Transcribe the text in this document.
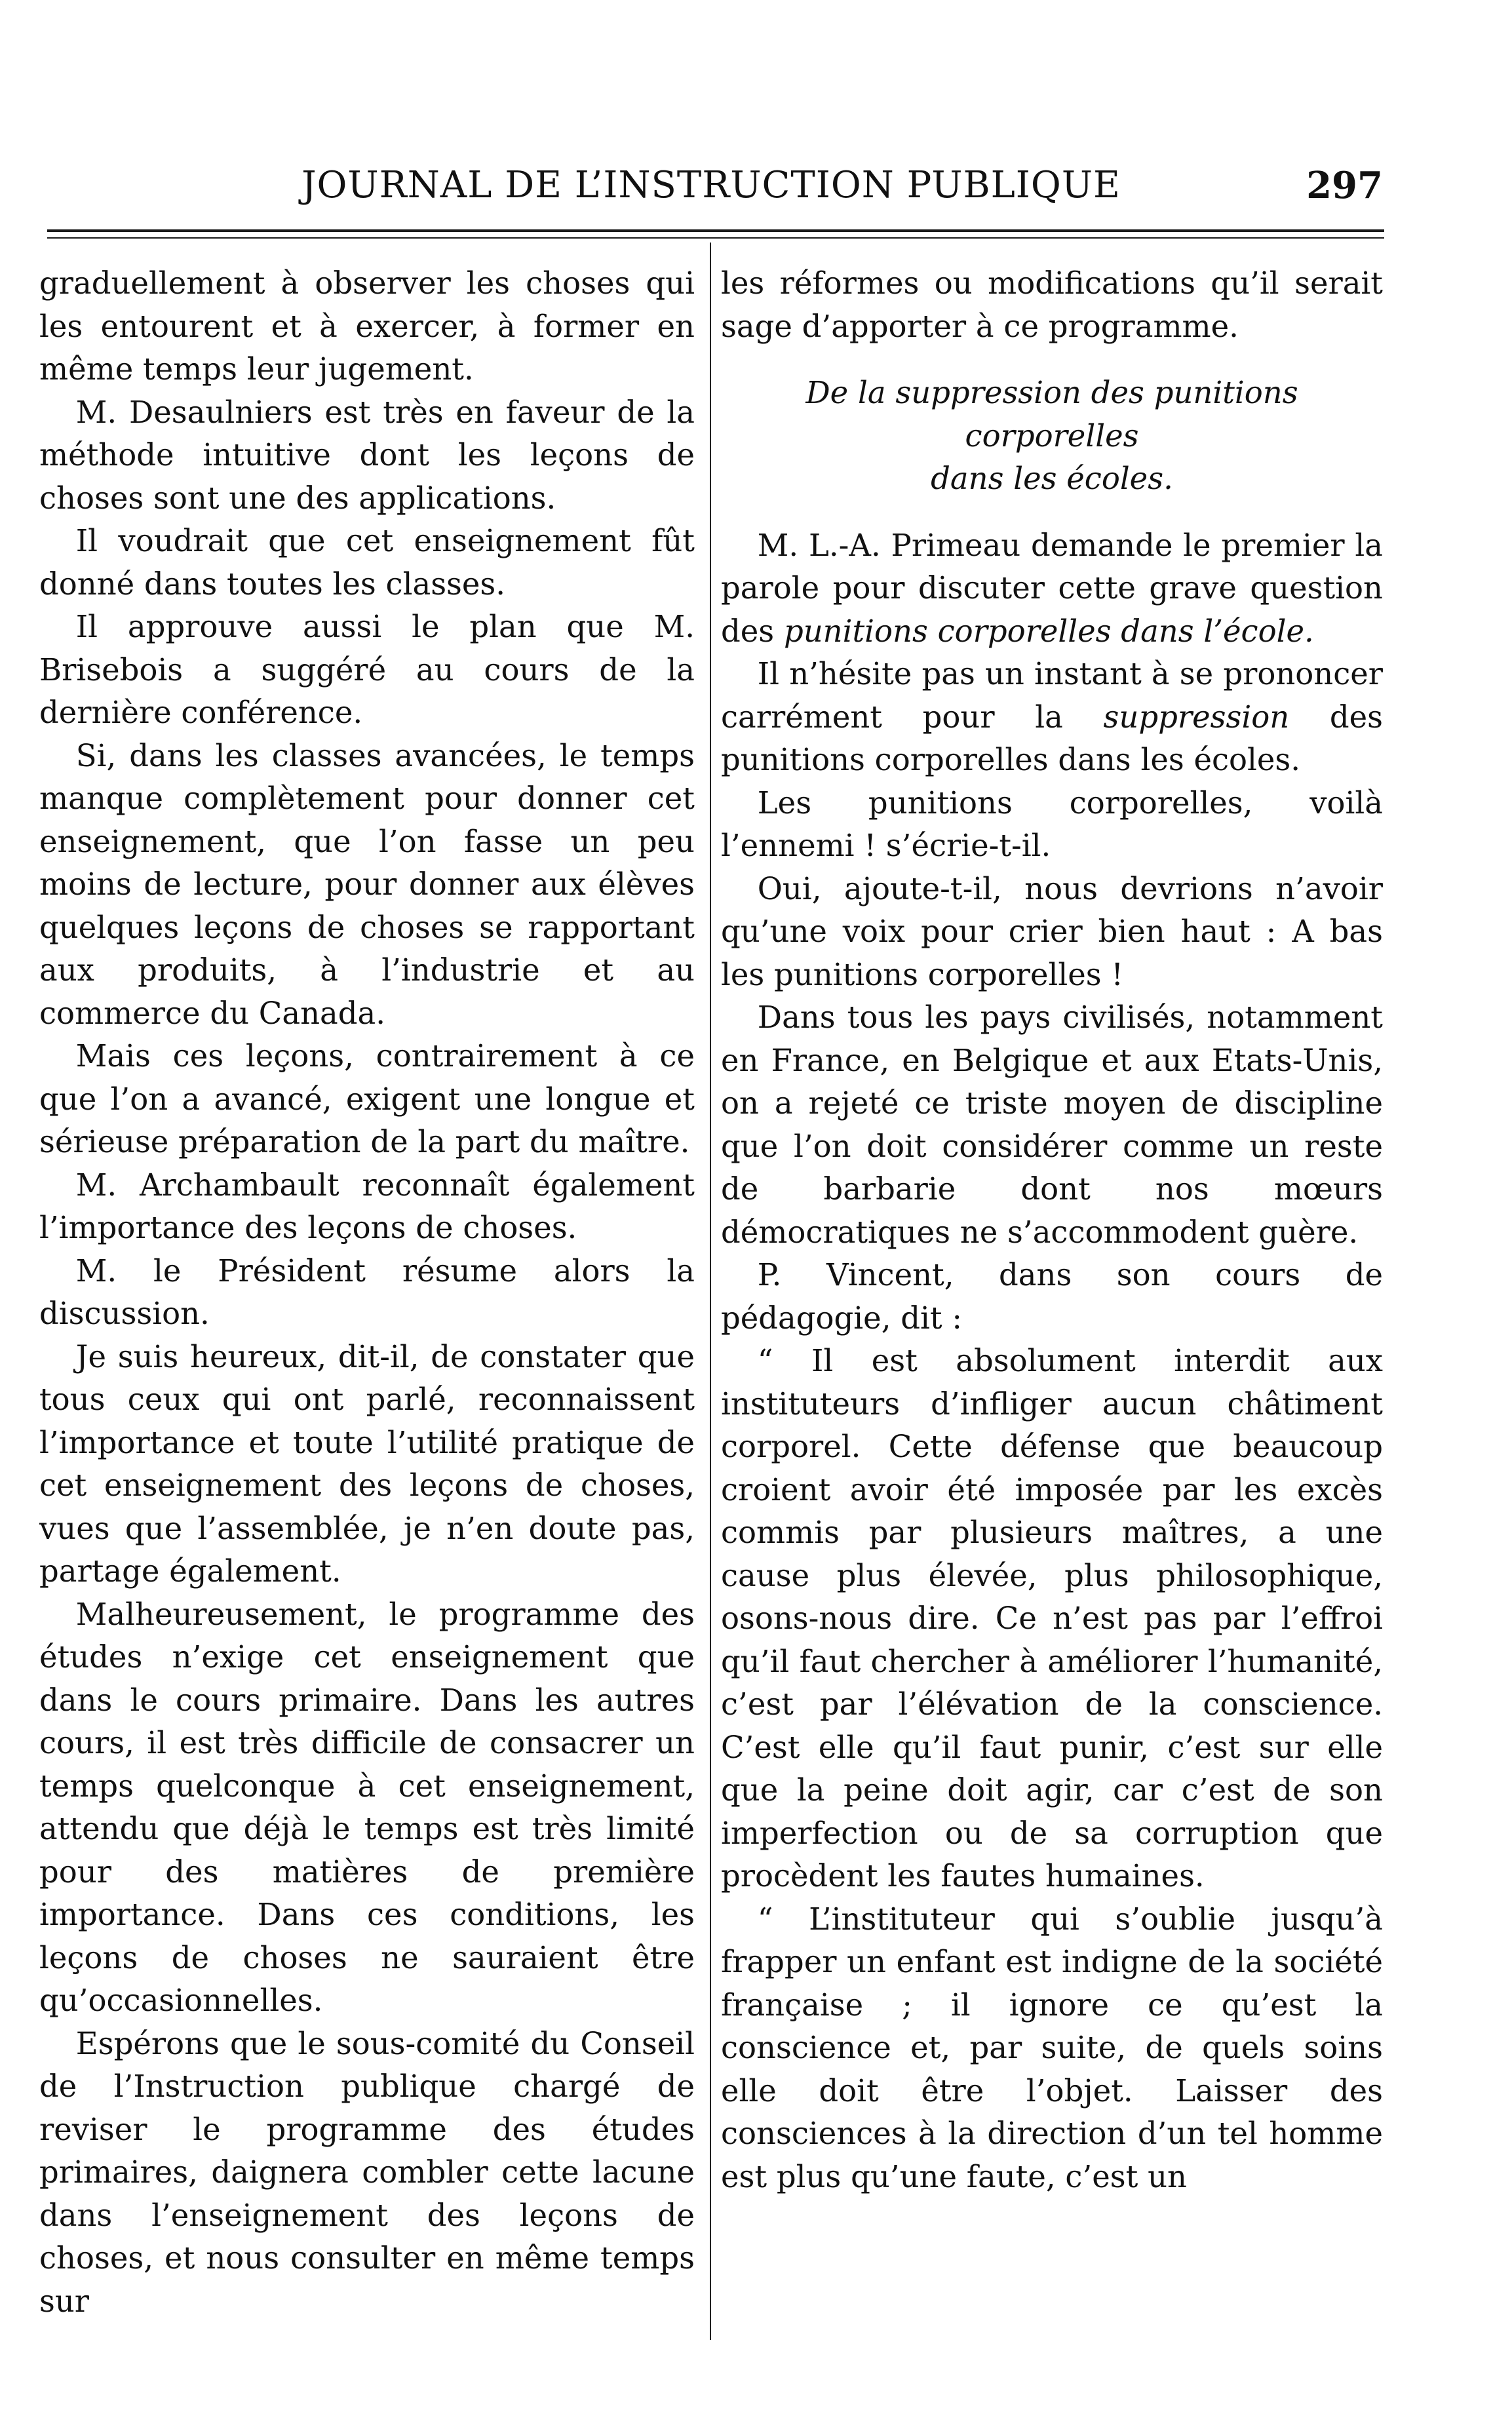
JOURNAL DE L’INSTRUCTION PUBLIQUE	297

graduellement à observer les choses qui les entourent et à exercer, à former en même temps leur jugement.

M. Desaulniers est très en faveur de la méthode intuitive dont les leçons de choses sont une des applications.

Il voudrait que cet enseignement fût donné dans toutes les classes.

Il approuve aussi le plan que M. Brisebois a suggéré au cours de la dernière conférence.

Si, dans les classes avancées, le temps manque complètement pour donner cet enseignement, que l’on fasse un peu moins de lecture, pour donner aux élèves quelques leçons de choses se rapportant aux produits, à l’industrie et au commerce du Canada.

Mais ces leçons, contrairement à ce que l’on a avancé, exigent une longue et sérieuse préparation de la part du maître.

M. Archambault reconnaît également l’importance des leçons de choses.

M. le Président résume alors la discussion.

Je suis heureux, dit-il, de constater que tous ceux qui ont parlé, reconnaissent l’importance et toute l’utilité pratique de cet enseignement des leçons de choses, vues que l’assemblée, je n’en doute pas, partage également.

Malheureusement, le programme des études n’exige cet enseignement que dans le cours primaire. Dans les autres cours, il est très difficile de consacrer un temps quelconque à cet enseignement, attendu que déjà le temps est très limité pour des matières de première importance. Dans ces conditions, les leçons de choses ne sauraient être qu’occasionnelles.

Espérons que le sous-comité du Conseil de l’Instruction publique chargé de reviser le programme des études primaires, daignera combler cette lacune dans l’enseignement des leçons de choses, et nous consulter en même temps sur

les réformes ou modifications qu’il serait sage d’apporter à ce programme.

De la suppression des punitions corporelles
dans les écoles.

M. L.-A. Primeau demande le premier la parole pour discuter cette grave question des punitions corporelles dans l’école.

Il n’hésite pas un instant à se prononcer carrément pour la suppression des punitions corporelles dans les écoles.

Les punitions corporelles, voilà l’ennemi ! s’écrie-t-il.

Oui, ajoute-t-il, nous devrions n’avoir qu’une voix pour crier bien haut : A bas les punitions corporelles !

Dans tous les pays civilisés, notamment en France, en Belgique et aux Etats-Unis, on a rejeté ce triste moyen de discipline que l’on doit considérer comme un reste de barbarie dont nos mœurs démocratiques ne s’accommodent guère.

P. Vincent, dans son cours de pédagogie, dit :

“ Il est absolument interdit aux instituteurs d’infliger aucun châtiment corporel. Cette défense que beaucoup croient avoir été imposée par les excès commis par plusieurs maîtres, a une cause plus élevée, plus philosophique, osons-nous dire. Ce n’est pas par l’effroi qu’il faut chercher à améliorer l’humanité, c’est par l’élévation de la conscience. C’est elle qu’il faut punir, c’est sur elle que la peine doit agir, car c’est de son imperfection ou de sa corruption que procèdent les fautes humaines.

“ L’instituteur qui s’oublie jusqu’à frapper un enfant est indigne de la société française ; il ignore ce qu’est la conscience et, par suite, de quels soins elle doit être l’objet. Laisser des consciences à la direction d’un tel homme est plus qu’une faute, c’est un
